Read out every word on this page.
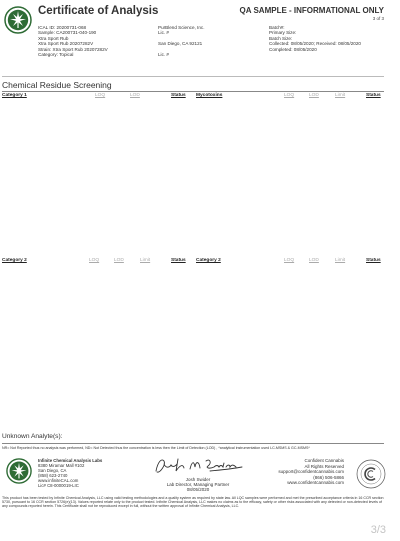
Certificate of Analysis	QA SAMPLE - INFORMATIONAL ONLY
3 of 3
ICAL ID: 20200731-068
Sample: CA200731-040-190
Xtra Sport Rub
Xtra Sport Rub 20207282V
Strain: Xtra Sport Rub 20207282V
Category: Topical
PurBlend Science, Inc.
Lic. #

San Diego, CA 92121

Lic. #
Batch#:
Primary Size:
Batch Size:
Collected: 08/05/2020; Received: 08/05/2020
Completed: 08/05/2020
Chemical Residue Screening
Category 1	LOQ	LOD	Status Mycotoxins	LOQ	LOD	Limit	Status
Category 2	LOQ	LOD	Limit	Status Category 2	LOQ	LOD	Limit	Status
Unknown Analyte(s):
NR= Not Reported thus no analysis was performed, ND= Not Detected thus the concentration is less then the Limit of Detection (LOD) , *analytical instrumentation used LC-MSMS & GC-MSMS*
Infinite Chemical Analysis Labs
8380 Miramar Mall #102
San Diego, CA
(858) 623-2740
www.infiniteCAL.com
Lic# C8-0000019-LIC
Josh M Swider
Josh Swider
Lab Director, Managing Partner
08/05/2020
Confident Cannabis
All Rights Reserved
support@confidentcannabis.com
(866) 506-5866
www.confidentcannabis.com
This product has been tested by Infinite Chemical Analysis, LLC using valid testing methodologies and a quality system as required by state law. All LQC samples were performed and met the prescribed acceptance criteria in 16 CCR section 5730, pursuant to 16 CCR section 5726(e)(13). Values reported relate only to the product tested. Infinite Chemical Analysis, LLC makes no claims as to the efficacy, safety or other risks associated with any detected or non-detected levels of any compounds reported herein. This Certificate shall not be reproduced except in full, without the written approval of Infinite Chemical Analysis, LLC.
3/3
